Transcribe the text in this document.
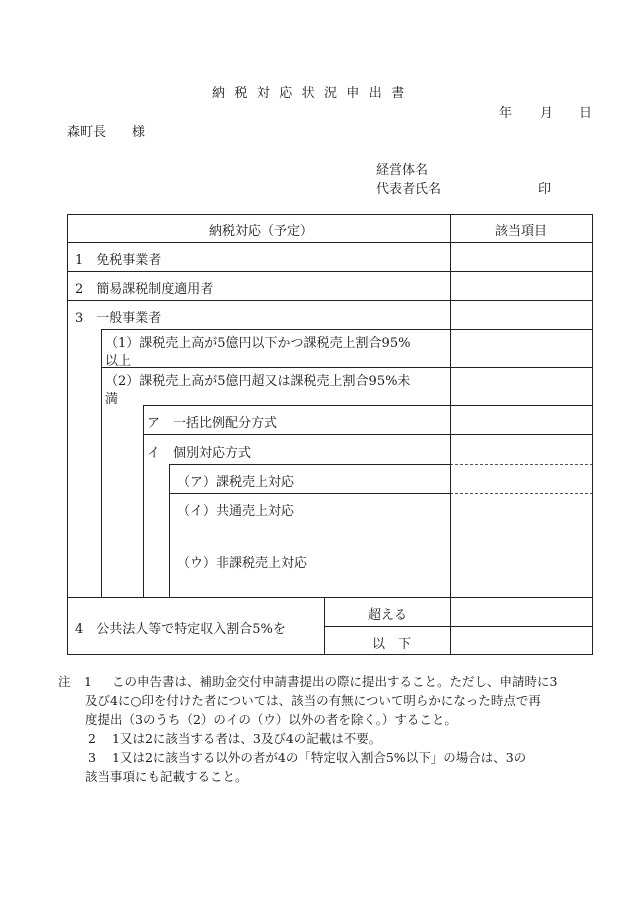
納税対応状況申出書
年 月 日
森町長　　様
経営体名
代表者氏名	印
納税対応（予定）	該当項目
1　免税事業者
2　簡易課税制度適用者
3　一般事業者
（1）課税売上高が5億円以下かつ課税売上割合95%
以上
（2）課税売上高が5億円超又は課税売上割合95%未
満
ア　一括比例配分方式
イ　個別対応方式
（ア）課税売上対応
（イ）共通売上対応
（ウ）非課税売上対応
4　公共法人等で特定収入割合5%を
超える
以　下
注 1 この申告書は、補助金交付申請書提出の際に提出すること。ただし、申請時に3
及び4に○印を付けた者については、該当の有無について明らかになった時点で再
度提出（3のうち（2）のイの（ウ）以外の者を除く。）すること。
2 1又は2に該当する者は、3及び4の記載は不要。
3 1又は2に該当する以外の者が4の「特定収入割合5%以下」の場合は、3の
該当事項にも記載すること。
